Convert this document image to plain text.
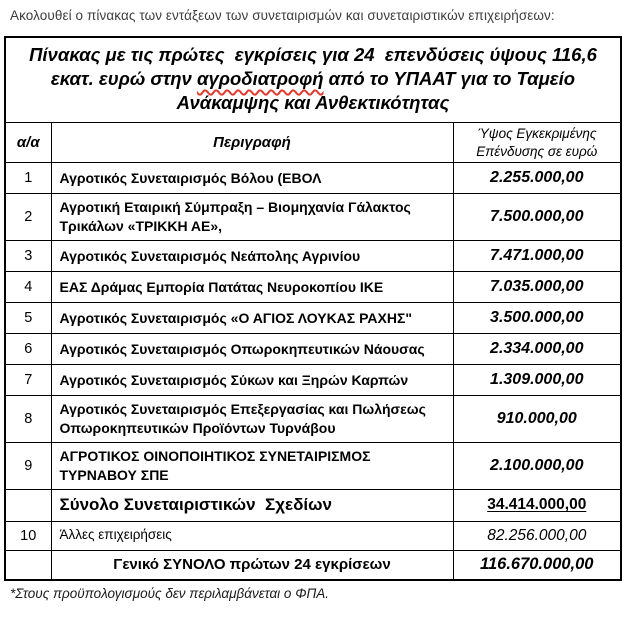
Ακολουθεί ο πίνακας των εντάξεων των συνεταιρισμών και συνεταιριστικών επιχειρήσεων:

Πίνακας με τις πρώτες  εγκρίσεις για 24  επενδύσεις ύψους 116,6 εκατ. ευρώ στην αγροδιατροφή από το ΥΠΑΑΤ για το Ταμείο Ανάκαμψης και Ανθεκτικότητας		
α/α	Περιγραφή	Ύψος Εγκεκριμένης Επένδυσης σε ευρώ
1	Αγροτικός Συνεταιρισμός Βόλου (ΕΒΟΛ	2.255.000,00
2	Αγροτική Εταιρική Σύμπραξη – Βιομηχανία Γάλακτος Τρικάλων «ΤΡΙΚΚΗ ΑΕ»,	7.500.000,00
3	Αγροτικός Συνεταιρισμός Νεάπολης Αγρινίου	7.471.000,00
4	ΕΑΣ Δράμας Εμπορία Πατάτας Νευροκοπίου ΙΚΕ	7.035.000,00
5	Αγροτικός Συνεταιρισμός «Ο ΑΓΙΟΣ ΛΟΥΚΑΣ ΡΑΧΗΣ"	3.500.000,00
6	Αγροτικός Συνεταιρισμός Οπωροκηπευτικών Νάουσας	2.334.000,00
7	Αγροτικός Συνεταιρισμός Σύκων και Ξηρών Καρπών	1.309.000,00
8	Αγροτικός Συνεταιρισμός Επεξεργασίας και Πωλήσεως Οπωροκηπευτικών Προϊόντων Τυρνάβου	910.000,00
9	ΑΓΡΟΤΙΚΟΣ ΟΙΝΟΠΟΙΗΤΙΚΟΣ ΣΥΝΕΤΑΙΡΙΣΜΟΣ ΤΥΡΝΑΒΟΥ ΣΠΕ	2.100.000,00
	Σύνολο Συνεταιριστικών  Σχεδίων	34.414.000,00
10	Άλλες επιχειρήσεις	82.256.000,00
	Γενικό ΣΥΝΟΛΟ πρώτων 24 εγκρίσεων	116.670.000,00

*Στους προϋπολογισμούς δεν περιλαμβάνεται ο ΦΠΑ.
